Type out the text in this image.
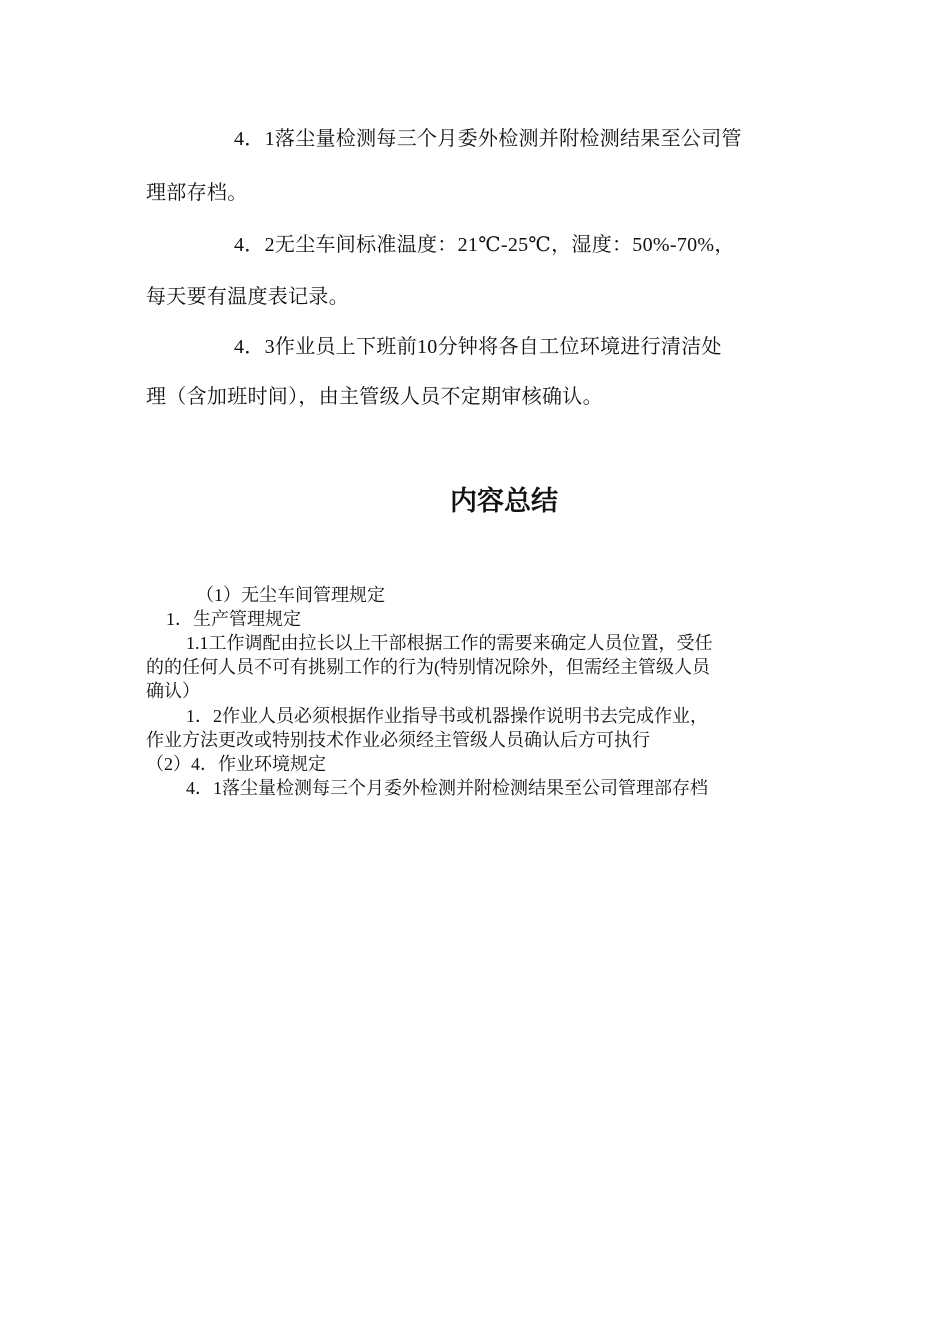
4．1落尘量检测每三个月委外检测并附检测结果至公司管

理部存档。

4．2无尘车间标准温度：21℃-25℃，湿度：50%-70%，

每天要有温度表记录。

4．3作业员上下班前10分钟将各自工位环境进行清洁处

理（含加班时间），由主管级人员不定期审核确认。

内容总结

（1）无尘车间管理规定

1．生产管理规定

1.1工作调配由拉长以上干部根据工作的需要来确定人员位置，受任

的的任何人员不可有挑剔工作的行为(特别情况除外，但需经主管级人员

确认）

1．2作业人员必须根据作业指导书或机器操作说明书去完成作业，

作业方法更改或特别技术作业必须经主管级人员确认后方可执行

（2）4．作业环境规定

4．1落尘量检测每三个月委外检测并附检测结果至公司管理部存档
